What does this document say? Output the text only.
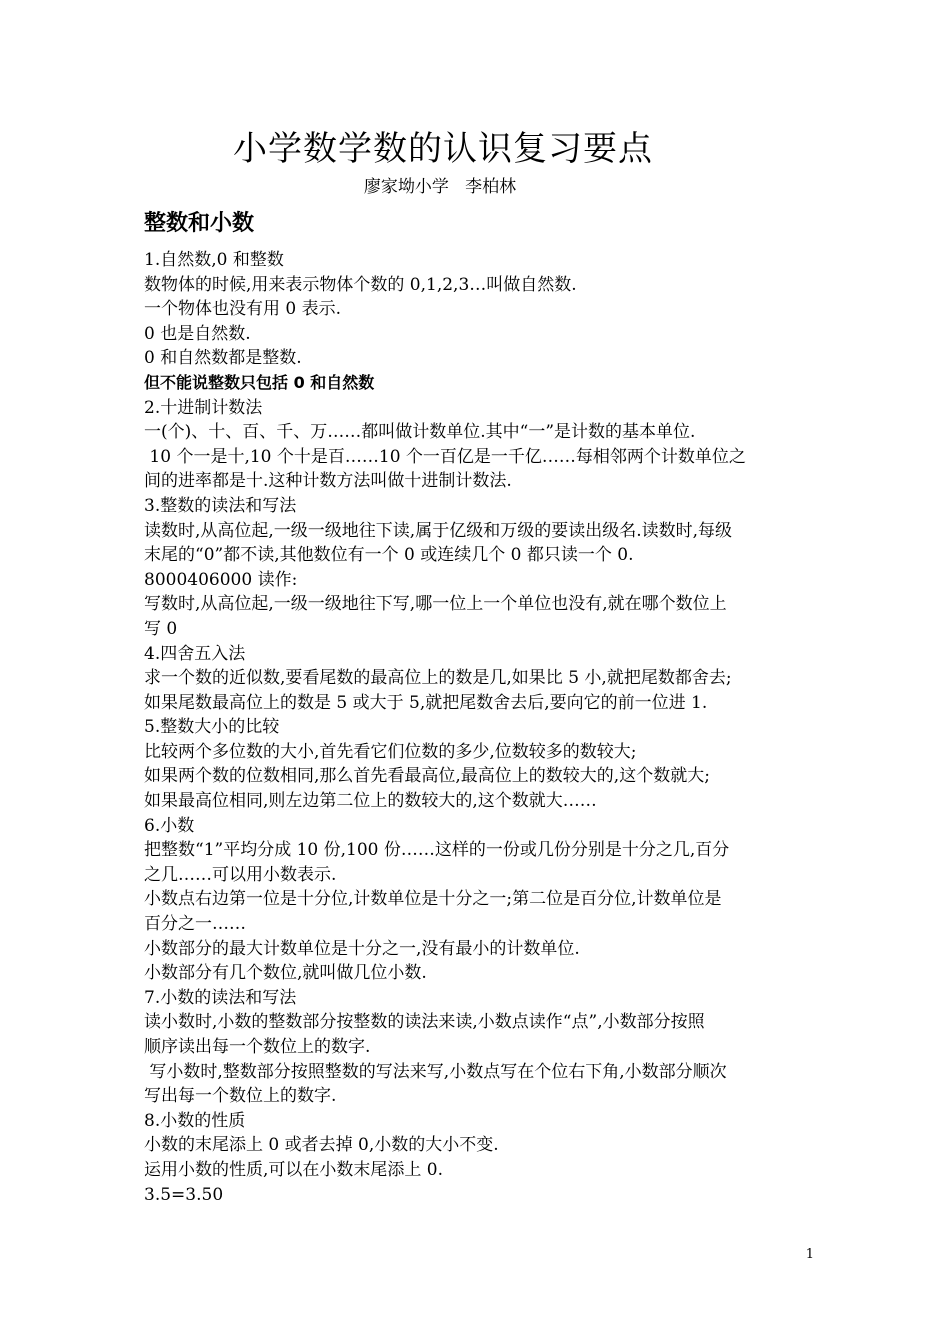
小学数学数的认识复习要点
廖家坳小学   李柏林
整数和小数
1.自然数,0 和整数
数物体的时候,用来表示物体个数的 0,1,2,3…叫做自然数.
一个物体也没有用 0 表示.
0 也是自然数.
0 和自然数都是整数.
但不能说整数只包括 0 和自然数
2.十进制计数法
一(个)、十、百、千、万……都叫做计数单位.其中“一”是计数的基本单位.
10 个一是十,10 个十是百……10 个一百亿是一千亿……每相邻两个计数单位之
间的进率都是十.这种计数方法叫做十进制计数法.
3.整数的读法和写法
读数时,从高位起,一级一级地往下读,属于亿级和万级的要读出级名.读数时,每级
末尾的“0”都不读,其他数位有一个 0 或连续几个 0 都只读一个 0.
8000406000 读作:
写数时,从高位起,一级一级地往下写,哪一位上一个单位也没有,就在哪个数位上
写 0
4.四舍五入法
求一个数的近似数,要看尾数的最高位上的数是几,如果比 5 小,就把尾数都舍去;
如果尾数最高位上的数是 5 或大于 5,就把尾数舍去后,要向它的前一位进 1.
5.整数大小的比较
比较两个多位数的大小,首先看它们位数的多少,位数较多的数较大;
如果两个数的位数相同,那么首先看最高位,最高位上的数较大的,这个数就大;
如果最高位相同,则左边第二位上的数较大的,这个数就大……
6.小数
把整数“1”平均分成 10 份,100 份……这样的一份或几份分别是十分之几,百分
之几……可以用小数表示.
小数点右边第一位是十分位,计数单位是十分之一;第二位是百分位,计数单位是
百分之一……
小数部分的最大计数单位是十分之一,没有最小的计数单位.
小数部分有几个数位,就叫做几位小数.
7.小数的读法和写法
读小数时,小数的整数部分按整数的读法来读,小数点读作“点”,小数部分按照
顺序读出每一个数位上的数字.
写小数时,整数部分按照整数的写法来写,小数点写在个位右下角,小数部分顺次
写出每一个数位上的数字.
8.小数的性质
小数的末尾添上 0 或者去掉 0,小数的大小不变.
运用小数的性质,可以在小数末尾添上 0.
3.5=3.50
1
